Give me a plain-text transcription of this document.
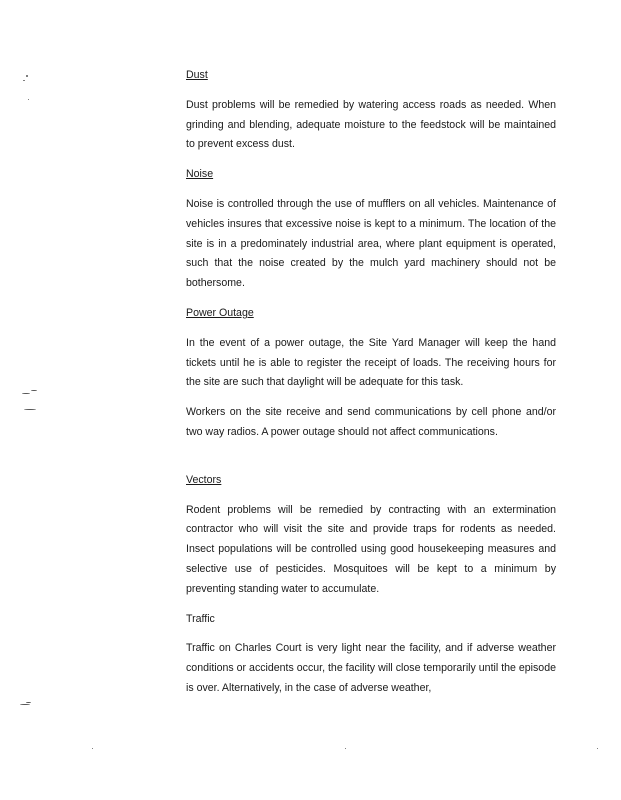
Dust

Dust problems will be remedied by watering access roads as needed. When grinding and blending, adequate moisture to the feedstock will be maintained to prevent excess dust.

Noise

Noise is controlled through the use of mufflers on all vehicles. Maintenance of vehicles insures that excessive noise is kept to a minimum. The location of the site is in a predominately industrial area, where plant equipment is operated, such that the noise created by the mulch yard machinery should not be bothersome.

Power Outage

In the event of a power outage, the Site Yard Manager will keep the hand tickets until he is able to register the receipt of loads. The receiving hours for the site are such that daylight will be adequate for this task.

Workers on the site receive and send communications by cell phone and/or two way radios. A power outage should not affect communications.

Vectors

Rodent problems will be remedied by contracting with an extermination contractor who will visit the site and provide traps for rodents as needed. Insect populations will be controlled using good housekeeping measures and selective use of pesticides. Mosquitoes will be kept to a minimum by preventing standing water to accumulate.

Traffic

Traffic on Charles Court is very light near the facility, and if adverse weather conditions or accidents occur, the facility will close temporarily until the episode is over. Alternatively, in the case of adverse weather,
